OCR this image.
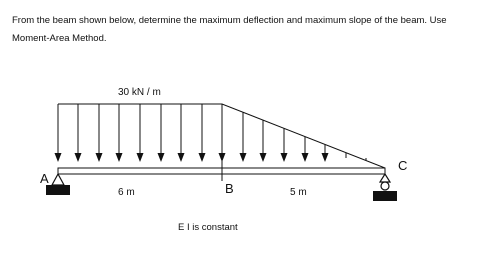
From the beam shown below, determine the maximum deflection and maximum slope of the beam. Use Moment-Area Method.
30 kN / m
A
B
C
6 m	5 m
E I is constant
